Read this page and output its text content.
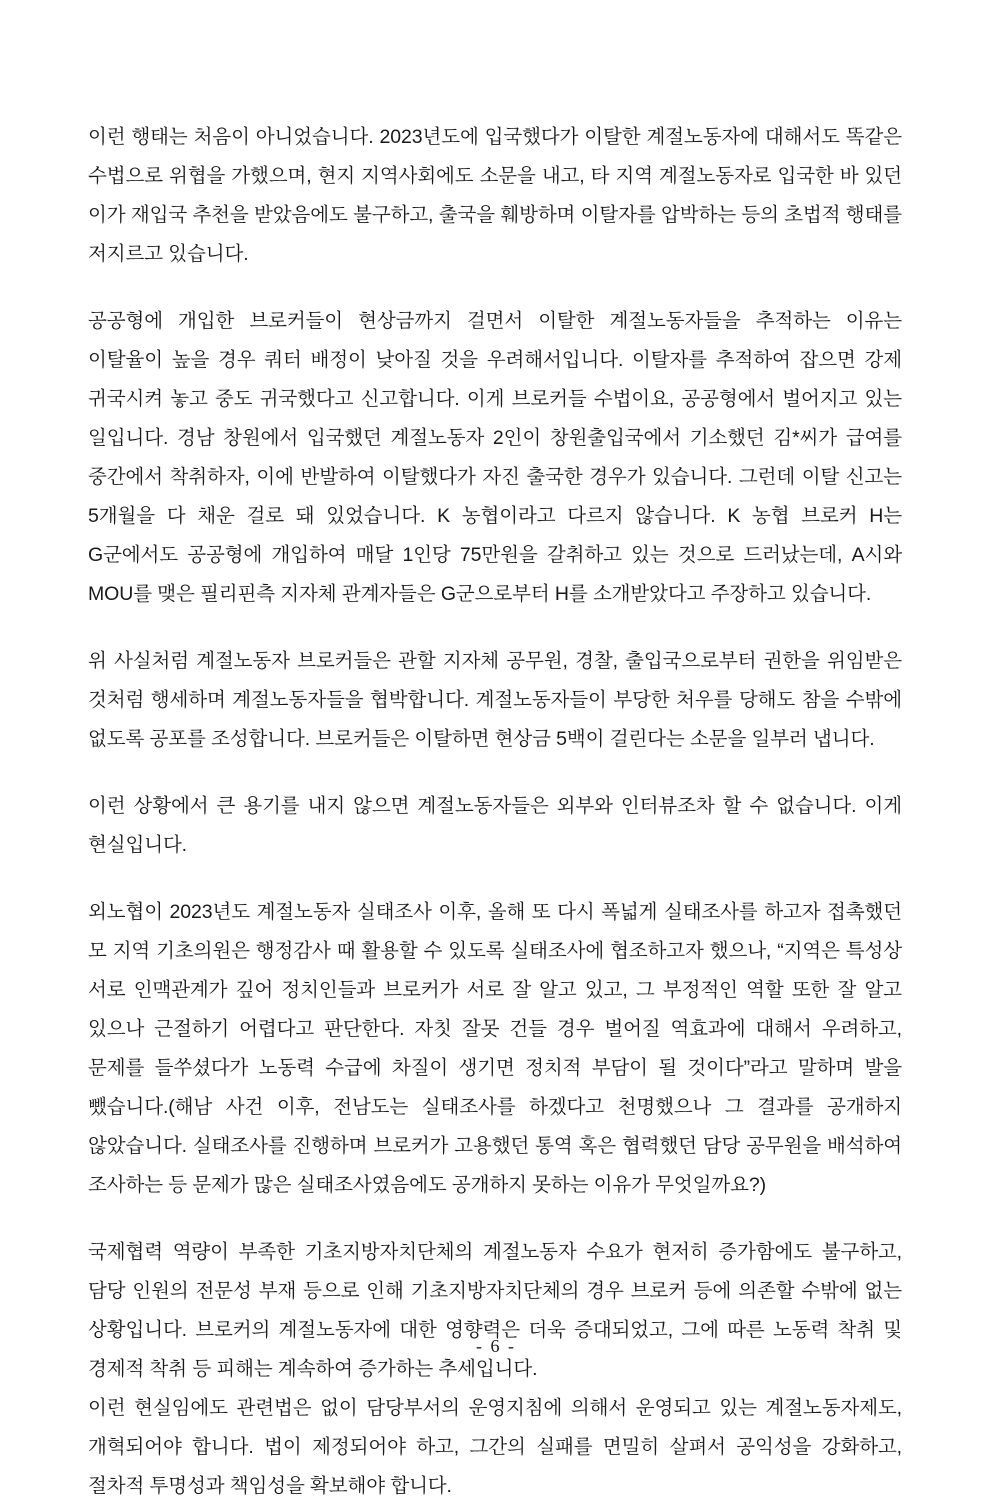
이런 행태는 처음이 아니었습니다. 2023년도에 입국했다가 이탈한 계절노동자에 대해서도 똑같은 수법으로 위협을 가했으며, 현지 지역사회에도 소문을 내고, 타 지역 계절노동자로 입국한 바 있던 이가 재입국 추천을 받았음에도 불구하고, 출국을 훼방하며 이탈자를 압박하는 등의 초법적 행태를 저지르고 있습니다.

공공형에 개입한 브로커들이 현상금까지 걸면서 이탈한 계절노동자들을 추적하는 이유는 이탈율이 높을 경우 쿼터 배정이 낮아질 것을 우려해서입니다. 이탈자를 추적하여 잡으면 강제 귀국시켜 놓고 중도 귀국했다고 신고합니다. 이게 브로커들 수법이요, 공공형에서 벌어지고 있는 일입니다. 경남 창원에서 입국했던 계절노동자 2인이 창원출입국에서 기소했던 김*씨가 급여를 중간에서 착취하자, 이에 반발하여 이탈했다가 자진 출국한 경우가 있습니다. 그런데 이탈 신고는 5개월을 다 채운 걸로 돼 있었습니다. K 농협이라고 다르지 않습니다. K 농협 브로커 H는 G군에서도 공공형에 개입하여 매달 1인당 75만원을 갈취하고 있는 것으로 드러났는데, A시와 MOU를 맺은 필리핀측 지자체 관계자들은 G군으로부터 H를 소개받았다고 주장하고 있습니다.

위 사실처럼 계절노동자 브로커들은 관할 지자체 공무원, 경찰, 출입국으로부터 권한을 위임받은 것처럼 행세하며 계절노동자들을 협박합니다. 계절노동자들이 부당한 처우를 당해도 참을 수밖에 없도록 공포를 조성합니다. 브로커들은 이탈하면 현상금 5백이 걸린다는 소문을 일부러 냅니다.

이런 상황에서 큰 용기를 내지 않으면 계절노동자들은 외부와 인터뷰조차 할 수 없습니다. 이게 현실입니다.

외노협이 2023년도 계절노동자 실태조사 이후, 올해 또 다시 폭넓게 실태조사를 하고자 접촉했던 모 지역 기초의원은 행정감사 때 활용할 수 있도록 실태조사에 협조하고자 했으나, “지역은 특성상 서로 인맥관계가 깊어 정치인들과 브로커가 서로 잘 알고 있고, 그 부정적인 역할 또한 잘 알고 있으나 근절하기 어렵다고 판단한다. 자칫 잘못 건들 경우 벌어질 역효과에 대해서 우려하고, 문제를 들쑤셨다가 노동력 수급에 차질이 생기면 정치적 부담이 될 것이다”라고 말하며 발을 뺐습니다.(해남 사건 이후, 전남도는 실태조사를 하겠다고 천명했으나 그 결과를 공개하지 않았습니다. 실태조사를 진행하며 브로커가 고용했던 통역 혹은 협력했던 담당 공무원을 배석하여 조사하는 등 문제가 많은 실태조사였음에도 공개하지 못하는 이유가 무엇일까요?)

국제협력 역량이 부족한 기초지방자치단체의 계절노동자 수요가 현저히 증가함에도 불구하고, 담당 인원의 전문성 부재 등으로 인해 기초지방자치단체의 경우 브로커 등에 의존할 수밖에 없는 상황입니다. 브로커의 계절노동자에 대한 영향력은 더욱 증대되었고, 그에 따른 노동력 착취 및 경제적 착취 등 피해는 계속하여 증가하는 추세입니다.

이런 현실임에도 관련법은 없이 담당부서의 운영지침에 의해서 운영되고 있는 계절노동자제도, 개혁되어야 합니다. 법이 제정되어야 하고, 그간의 실패를 면밀히 살펴서 공익성을 강화하고, 절차적 투명성과 책임성을 확보해야 합니다.

- 6 -
